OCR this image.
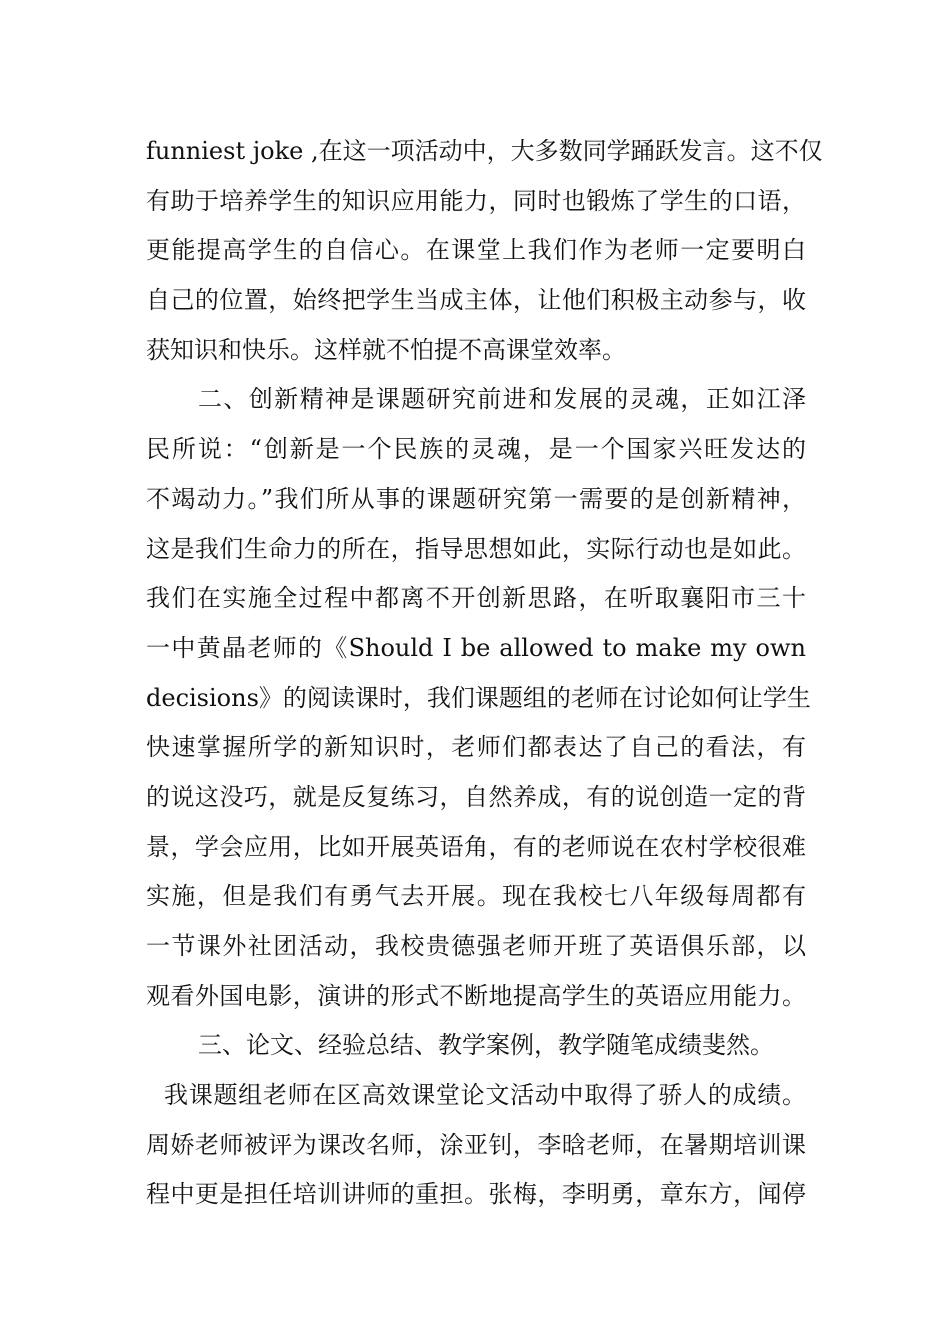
funniest joke ,在这一项活动中，大多数同学踊跃发言。这不仅
有助于培养学生的知识应用能力，同时也锻炼了学生的口语，
更能提高学生的自信心。在课堂上我们作为老师一定要明白
自己的位置，始终把学生当成主体，让他们积极主动参与，收
获知识和快乐。这样就不怕提不高课堂效率。
二、创新精神是课题研究前进和发展的灵魂，正如江泽
民所说：“创新是一个民族的灵魂，是一个国家兴旺发达的
不竭动力。”我们所从事的课题研究第一需要的是创新精神，
这是我们生命力的所在，指导思想如此，实际行动也是如此。
我们在实施全过程中都离不开创新思路，在听取襄阳市三十
一中黄晶老师的《Should I be allowed to make my own
decisions》的阅读课时，我们课题组的老师在讨论如何让学生
快速掌握所学的新知识时，老师们都表达了自己的看法，有
的说这没巧，就是反复练习，自然养成，有的说创造一定的背
景，学会应用，比如开展英语角，有的老师说在农村学校很难
实施，但是我们有勇气去开展。现在我校七八年级每周都有
一节课外社团活动，我校贵德强老师开班了英语俱乐部，以
观看外国电影，演讲的形式不断地提高学生的英语应用能力。
三、论文、经验总结、教学案例，教学随笔成绩斐然。
我课题组老师在区高效课堂论文活动中取得了骄人的成绩。
周娇老师被评为课改名师，涂亚钊，李晗老师，在暑期培训课
程中更是担任培训讲师的重担。张梅，李明勇，章东方，闻停
